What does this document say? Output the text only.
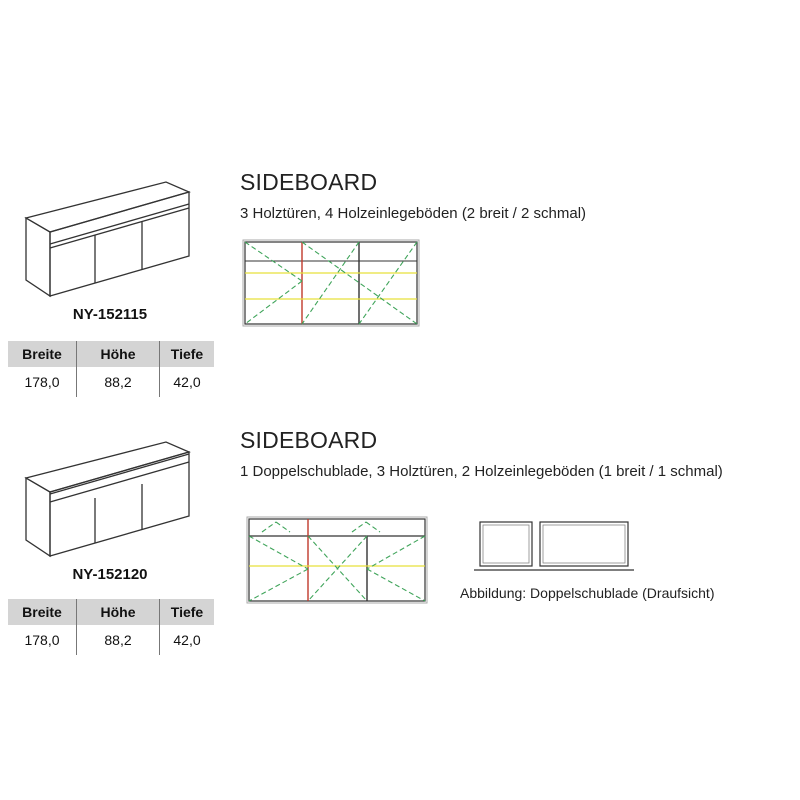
NY-152115
Breite	Höhe	Tiefe
178,0	88,2	42,0
SIDEBOARD
3 Holztüren, 4 Holzeinlegeböden (2 breit / 2 schmal)
NY-152120
Breite	Höhe	Tiefe
178,0	88,2	42,0
SIDEBOARD
1 Doppelschublade, 3 Holztüren, 2 Holzeinlegeböden (1 breit / 1 schmal)
Abbildung: Doppelschublade (Draufsicht)
